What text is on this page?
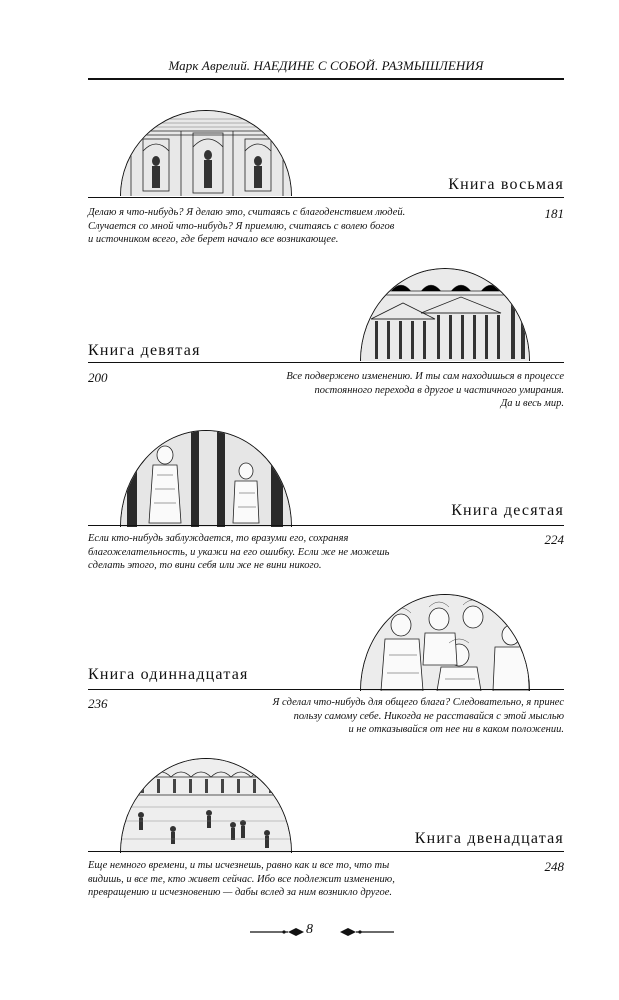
Марк Аврелий. НАЕДИНЕ С СОБОЙ. РАЗМЫШЛЕНИЯ
Книга восьмая
181

Делаю я что-нибудь? Я делаю это, считаясь с благоденствием людей.
Случается со мной что-нибудь? Я приемлю, считаясь с волею богов
и источником всего, где берет начало все возникающее.

Книга девятая
200	Все подвержено изменению. И ты сам находишься в процессе
постоянного перехода в другое и частичного умирания.
Да и весь мир.

Книга десятая
224

Если кто-нибудь заблуждается, то вразуми его, сохраняя
благожелательность, и укажи на его ошибку. Если же не можешь
сделать этого, то вини себя или же не вини никого.

Книга одиннадцатая
236	Я сделал что-нибудь для общего блага? Следовательно, я принес
пользу самому себе. Никогда не расставайся с этой мыслью
и не отказывайся от нее ни в каком положении.

Книга двенадцатая
248

Еще немного времени, и ты исчезнешь, равно как и все то, что ты
видишь, и все те, кто живет сейчас. Ибо все подлежит изменению,
превращению и исчезновению — дабы вслед за ним возникло другое.

8
